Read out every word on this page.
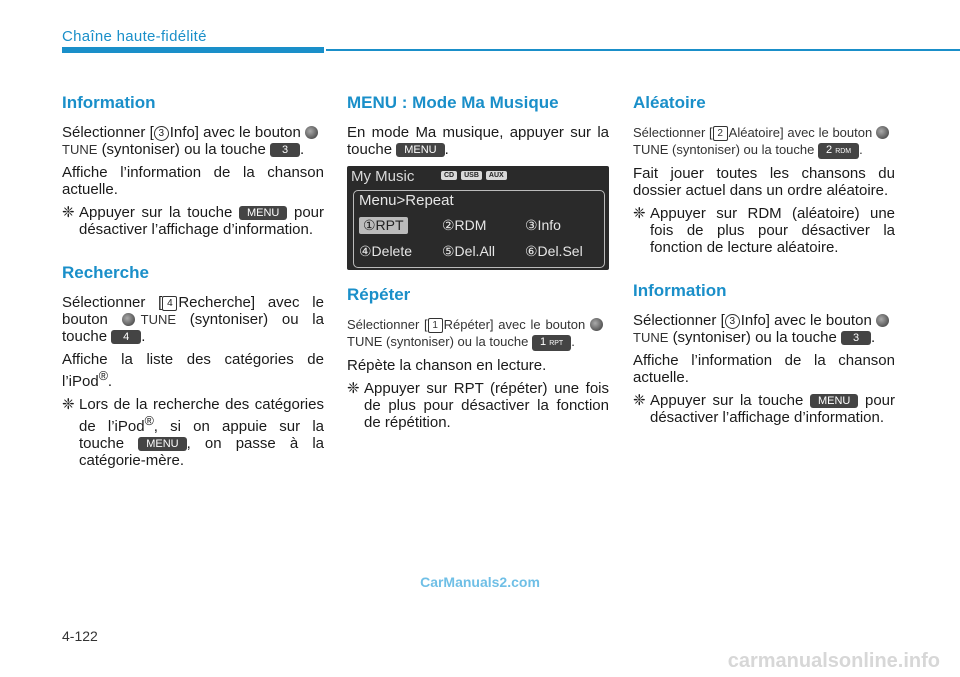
Chaîne haute-fidélité
Information

Sélectionner [ 3 Info] avec le bouton TUNE (syntoniser) ou la touche 3 .

Affiche l’information de la chanson actuelle.

❈ Appuyer sur la touche MENU pour désactiver l’affichage d’information.
Recherche

Sélectionner [ 4 Recherche] avec le bouton	TUNE (syntoniser) ou la touche 4 .

Affiche la liste des catégories de l’iPod®.

❈ Lors de la recherche des catégories de l’iPod®, si on appuie sur la touche MENU , on passe à la catégorie-mère.
MENU : Mode Ma Musique

En mode Ma musique, appuyer sur la touche MENU .

My Music	CD	USB	AUX
Menu>Repeat
①RPT	②RDM	③Info
④Delete ⑤Del.All ⑥Del.Sel
Répéter

Sélectionner [ 1 Répéter] avec le bouton TUNE (syntoniser) ou la touche 1 RPT .

Répète la chanson en lecture.

❈ Appuyer sur RPT (répéter) une fois de plus pour désactiver la fonction de répétition.
Aléatoire

Sélectionner [ 2 Aléatoire] avec le bouton TUNE (syntoniser) ou la touche 2 RDM .

Fait jouer toutes les chansons du dossier actuel dans un ordre aléatoire.

❈ Appuyer sur RDM (aléatoire) une fois de plus pour désactiver la fonction de lecture aléatoire.
Information

Sélectionner [ 3 Info] avec le bouton TUNE (syntoniser) ou la touche 3 .

Affiche l’information de la chanson actuelle.

❈ Appuyer sur la touche MENU pour désactiver l’affichage d’information.
CarManuals2.com
4-122
carmanualsonline.info
